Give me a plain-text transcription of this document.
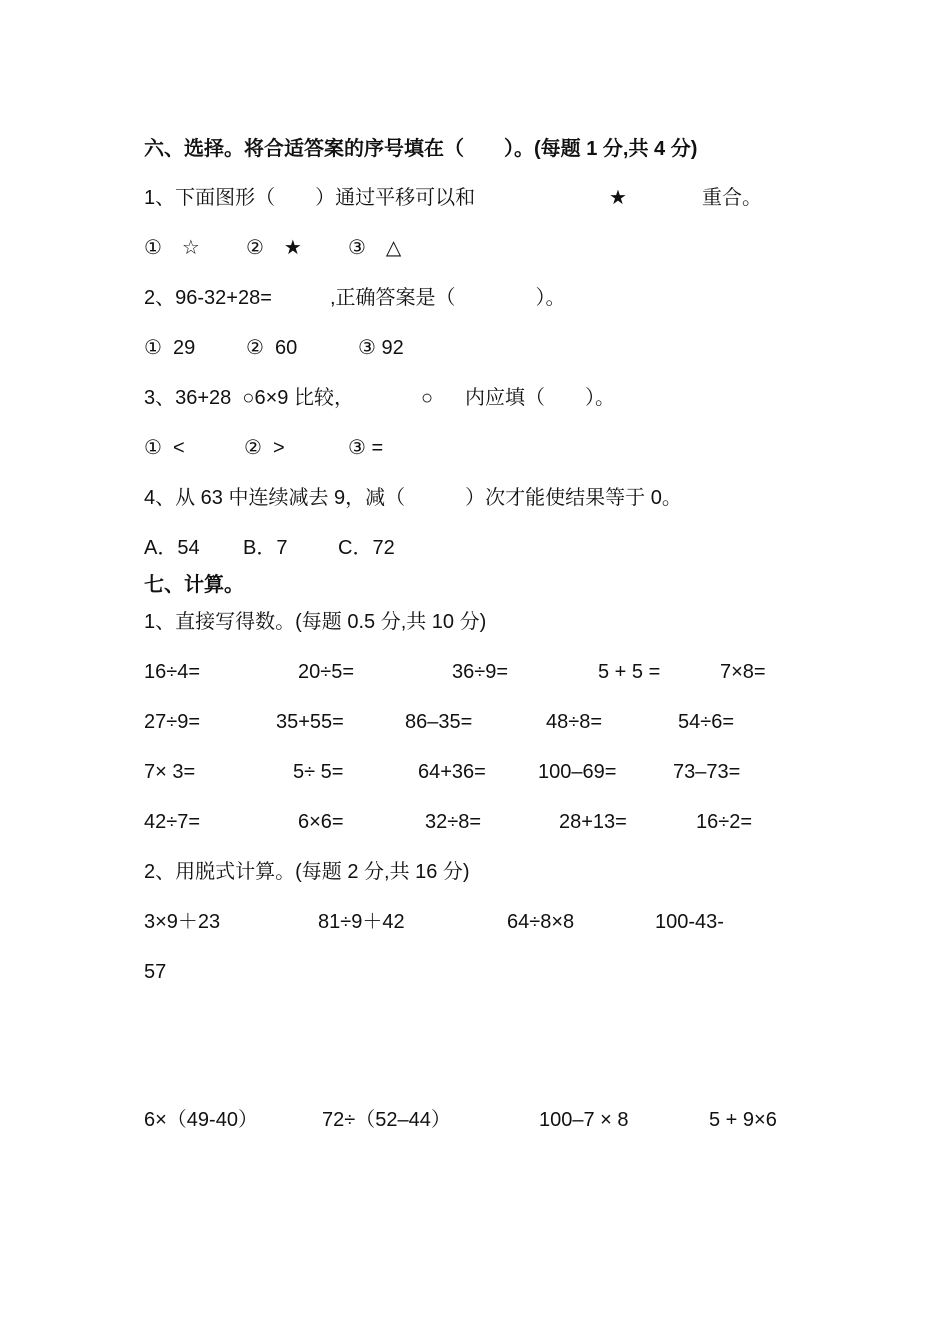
六、选择。将合适答案的序号填在（　　）。(每题 1 分,共 4 分)
1、下面图形（　　）通过平移可以和	★	重合。
①　☆ ②　★ ③　△
2、96-32+28=	,正确答案是（　　　　）。
①  29	②  60	③ 92
3、36+28  ○6×9 比较，	○ 内应填（　　）。
①  <	②  >	③ =
4、从 63 中连续减去 9，减（　　　）次才能使结果等于 0。
A．54 B．7	C．72
七、计算。
1、直接写得数。(每题 0.5 分,共 10 分)
16÷4=	20÷5=	36÷9=	5 + 5 =	7×8=
27÷9=	35+55=	86–35=	48÷8=	54÷6=
7× 3=	5÷ 5=	64+36=	100–69=	73–73=
42÷7=	6×6=	32÷8=	28+13=	16÷2=
2、用脱式计算。(每题 2 分,共 16 分)
3×9＋23	81÷9＋42	64÷8×8	100-43-
57
6×（49-40）	72÷（52–44）	100–7 × 8	5 + 9×6
